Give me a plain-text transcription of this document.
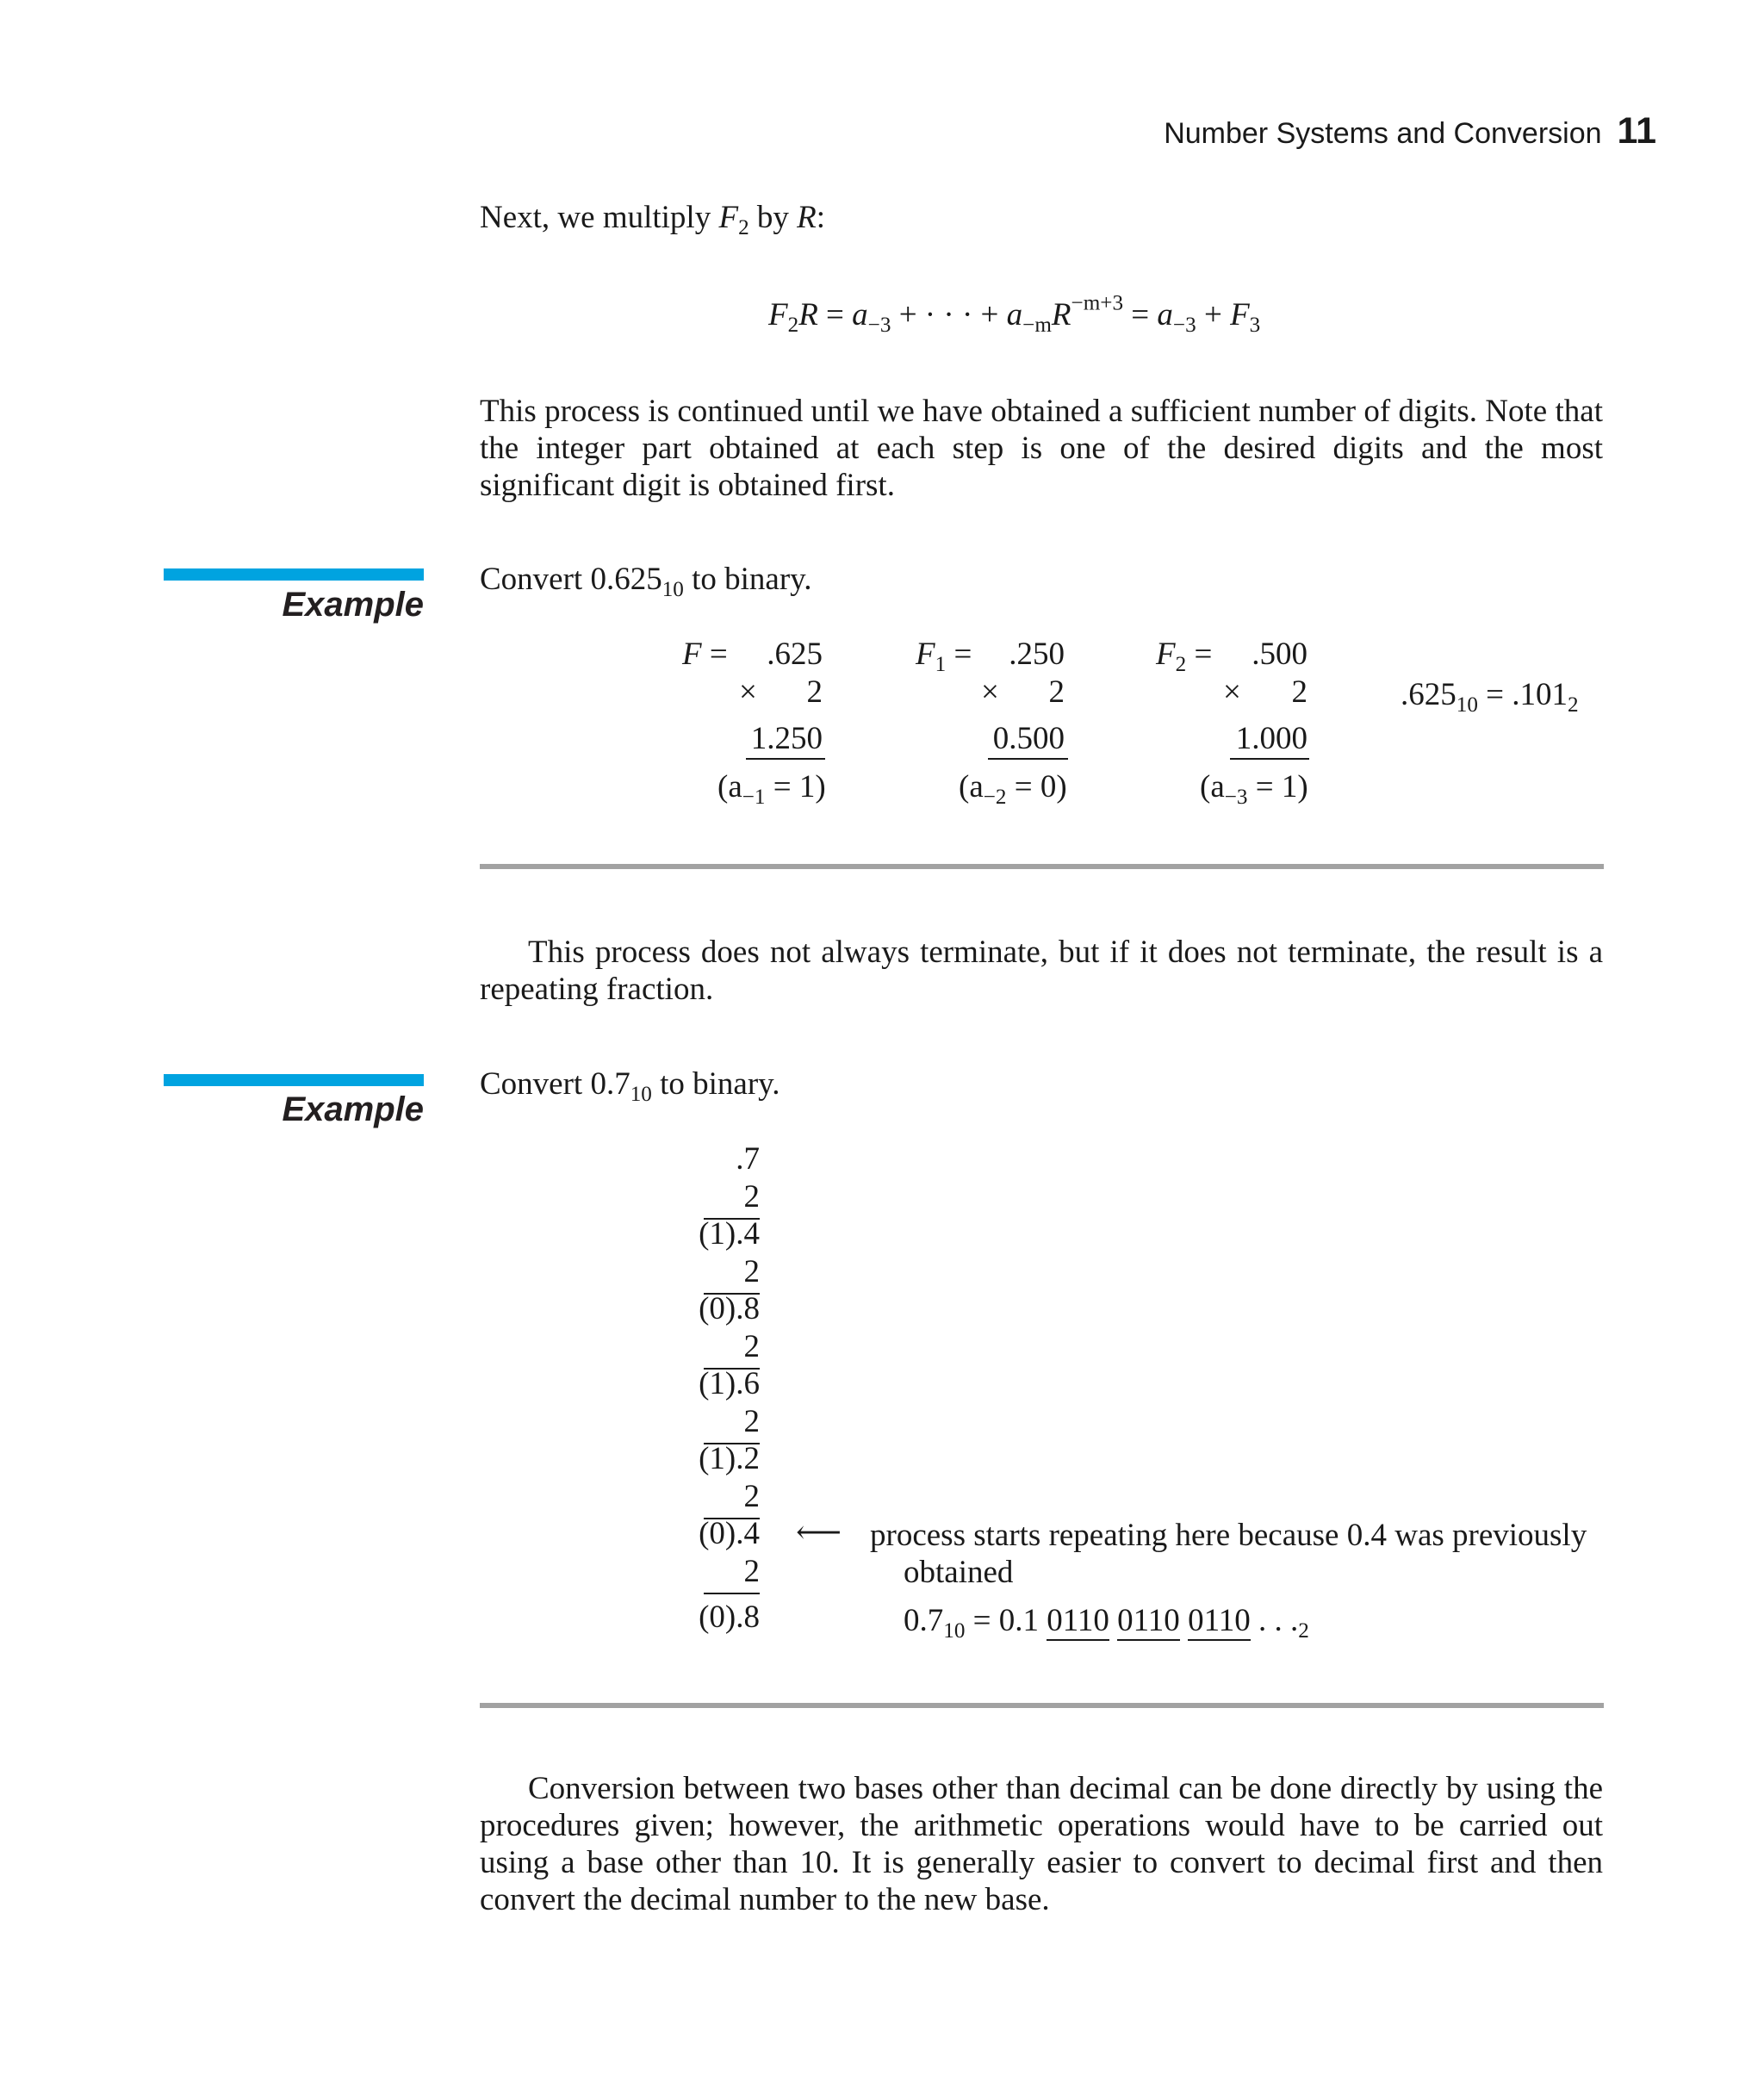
Number Systems and Conversion 11
Next, we multiply $F_2$ by R:
$F_2R = a_{-3}$ + · · · + $a_{-m}R^{-m+3} = a_{-3} + F_3$
This process is continued until we have obtained a sufficient number of digits. Note that the integer part obtained at each step is one of the desired digits and the most significant digit is obtained first.
Example
Convert $0.625_{10}$ to binary.
F = .625
× 2
1.250
$(a_{-1} = 1)$
$F_1 = .250$
× 2
0.500
$(a_{-2} = 0)$
$F_2 = .500$
× 2
1.000
$(a_{-3} = 1)$
$.625_{10} = .101_2$
This process does not always terminate, but if it does not terminate, the result is a repeating fraction.
Example
Convert $0.7_{10}$ to binary.
.7
2
(1).4
2
(0).8
2
(1).6
2
(1).2
2
(0).4
2
(0).8
⟵ process starts repeating here because 0.4 was previously
obtained
$0.7_{10} = 0.1$ 0110 0110 0110 . . $._2$
Conversion between two bases other than decimal can be done directly by using the procedures given; however, the arithmetic operations would have to be carried out using a base other than 10. It is generally easier to convert to decimal first and then convert the decimal number to the new base.
